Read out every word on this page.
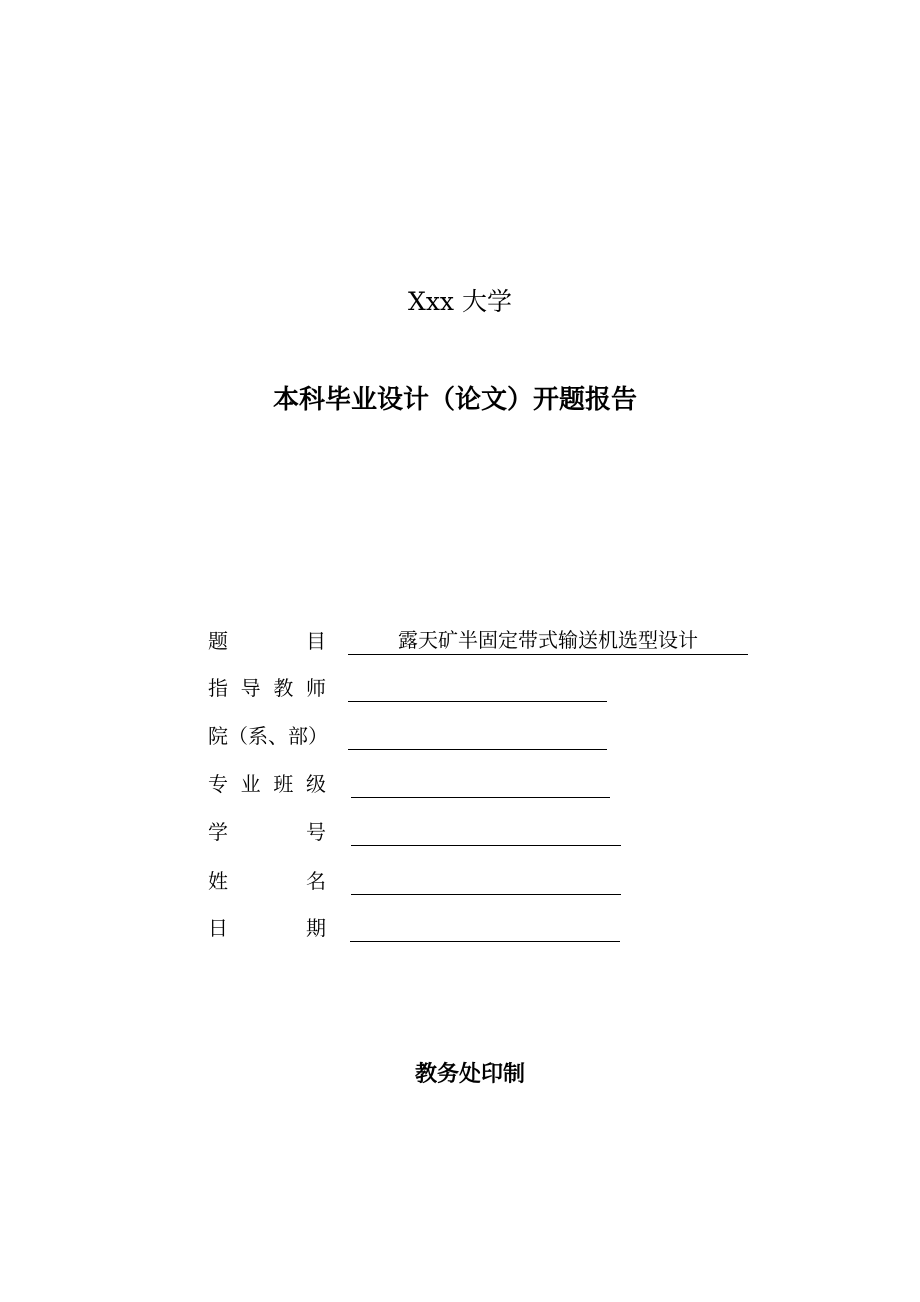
Xxx 大学
本科毕业设计（论文）开题报告
题目	露天矿半固定带式输送机选型设计
指导教师
院（系、部）
专业班级
学号
姓名
日期
教务处印制
